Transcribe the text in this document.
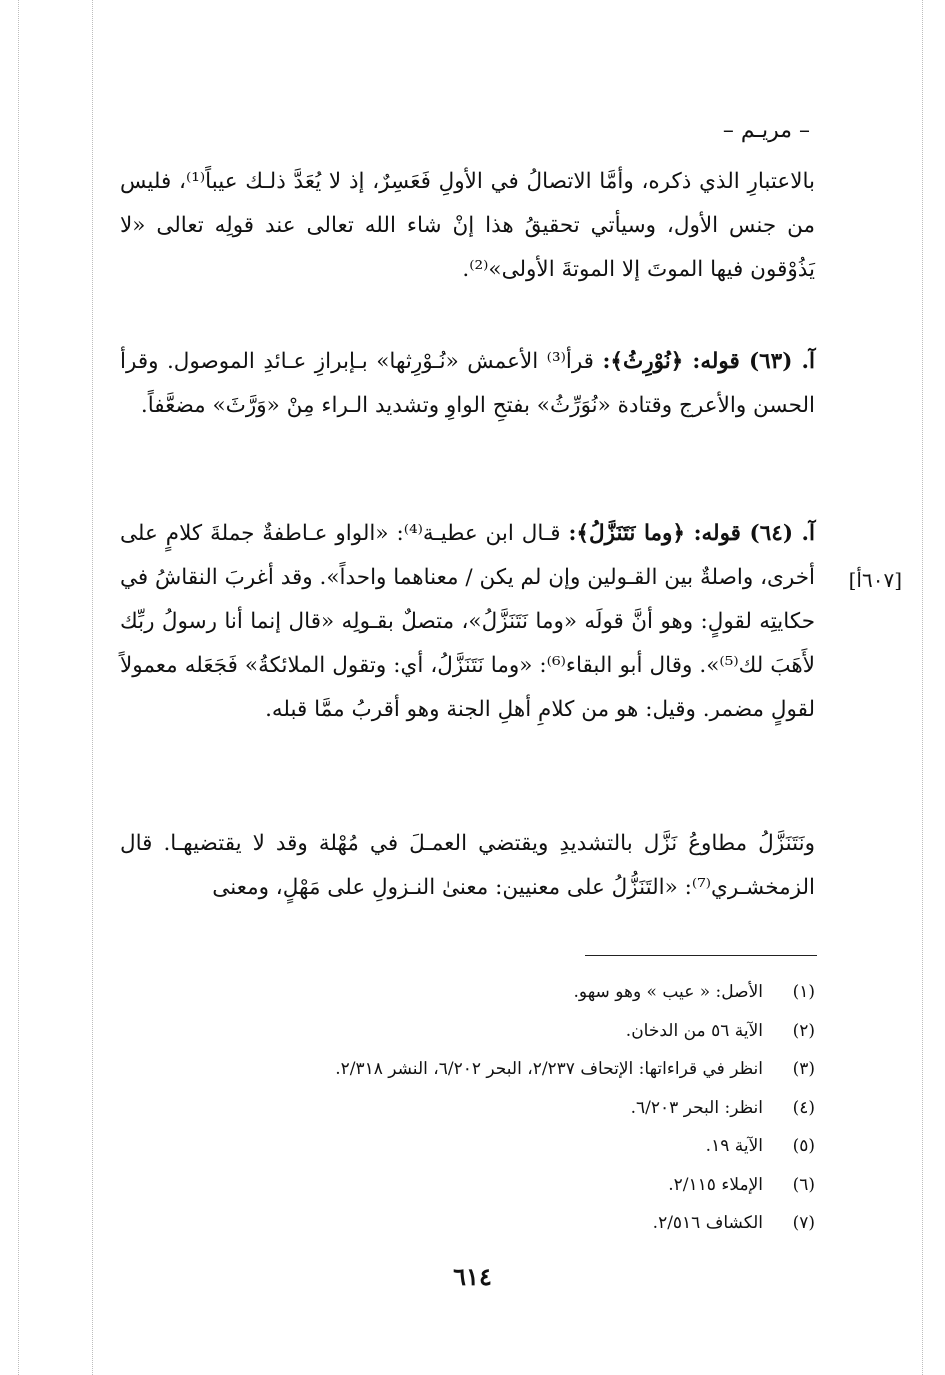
– مريـم –

بالاعتبارِ الذي ذكره، وأمَّا الاتصالُ في الأولِ فَعَسِرٌ، إذ لا يُعَدَّ ذلـك عيباً⁽¹⁾، فليس من جنس الأول، وسيأتي تحقيقُ هذا إنْ شاء الله تعالى عند قولِه تعالى «لا يَذُوْقون فيها الموتَ إلا الموتةَ الأولى»⁽²⁾.

آ. (٦٣) قوله: ﴿نُوْرِثُ﴾: قرأ⁽³⁾ الأعمش «نُـوْرِثها» بـإبرازِ عـائدِ الموصول. وقرأ الحسن والأعرج وقتادة «نُوَرِّثُ» بفتحِ الواوِ وتشديد الـراء مِنْ «وَرَّثَ» مضعَّفاً.

[٦٠٧أ]

آ. (٦٤) قوله: ﴿وما نَتَنَزَّلُ﴾: قـال ابن عطيـة⁽⁴⁾: «الواو عـاطفةٌ جملةَ كلامٍ على أخرى، واصلةٌ بين القـولين وإن لم يكن / معناهما واحداً». وقد أغربَ النقاشُ في حكايتِه لقولٍ: وهو أنَّ قولَه «وما نَتَنَزَّلُ»، متصلٌ بقـولِه «قال إنما أنا رسولُ ربِّك لأَهَبَ لك⁽⁵⁾». وقال أبو البقاء⁽⁶⁾: «وما نَتَنَزَّلُ، أي: وتقول الملائكةُ» فَجَعَله معمولاً لقولٍ مضمر. وقيل: هو من كلامِ أهلِ الجنة وهو أقربُ ممَّا قبله.

ونَتَنَزَّلُ مطاوعُ نَزَّل بالتشديدِ ويقتضي العمـلَ في مُهْلة وقد لا يقتضيهـا. قال الزمخشـري⁽⁷⁾: «التَنَزُّلُ على معنيين: معنىٰ النـزولِ على مَهْلٍ، ومعنى

(١)
الأصل: « عيب » وهو سهو.
(٢)
الآية ٥٦ من الدخان.
(٣)
انظر في قراءاتها: الإتحاف ٢/٢٣٧، البحر ٦/٢٠٢، النشر ٢/٣١٨.
(٤)
انظر: البحر ٦/٢٠٣.
(٥)
الآية ١٩.
(٦)
الإملاء ٢/١١٥.
(٧)
الكشاف ٢/٥١٦.
٦١٤
